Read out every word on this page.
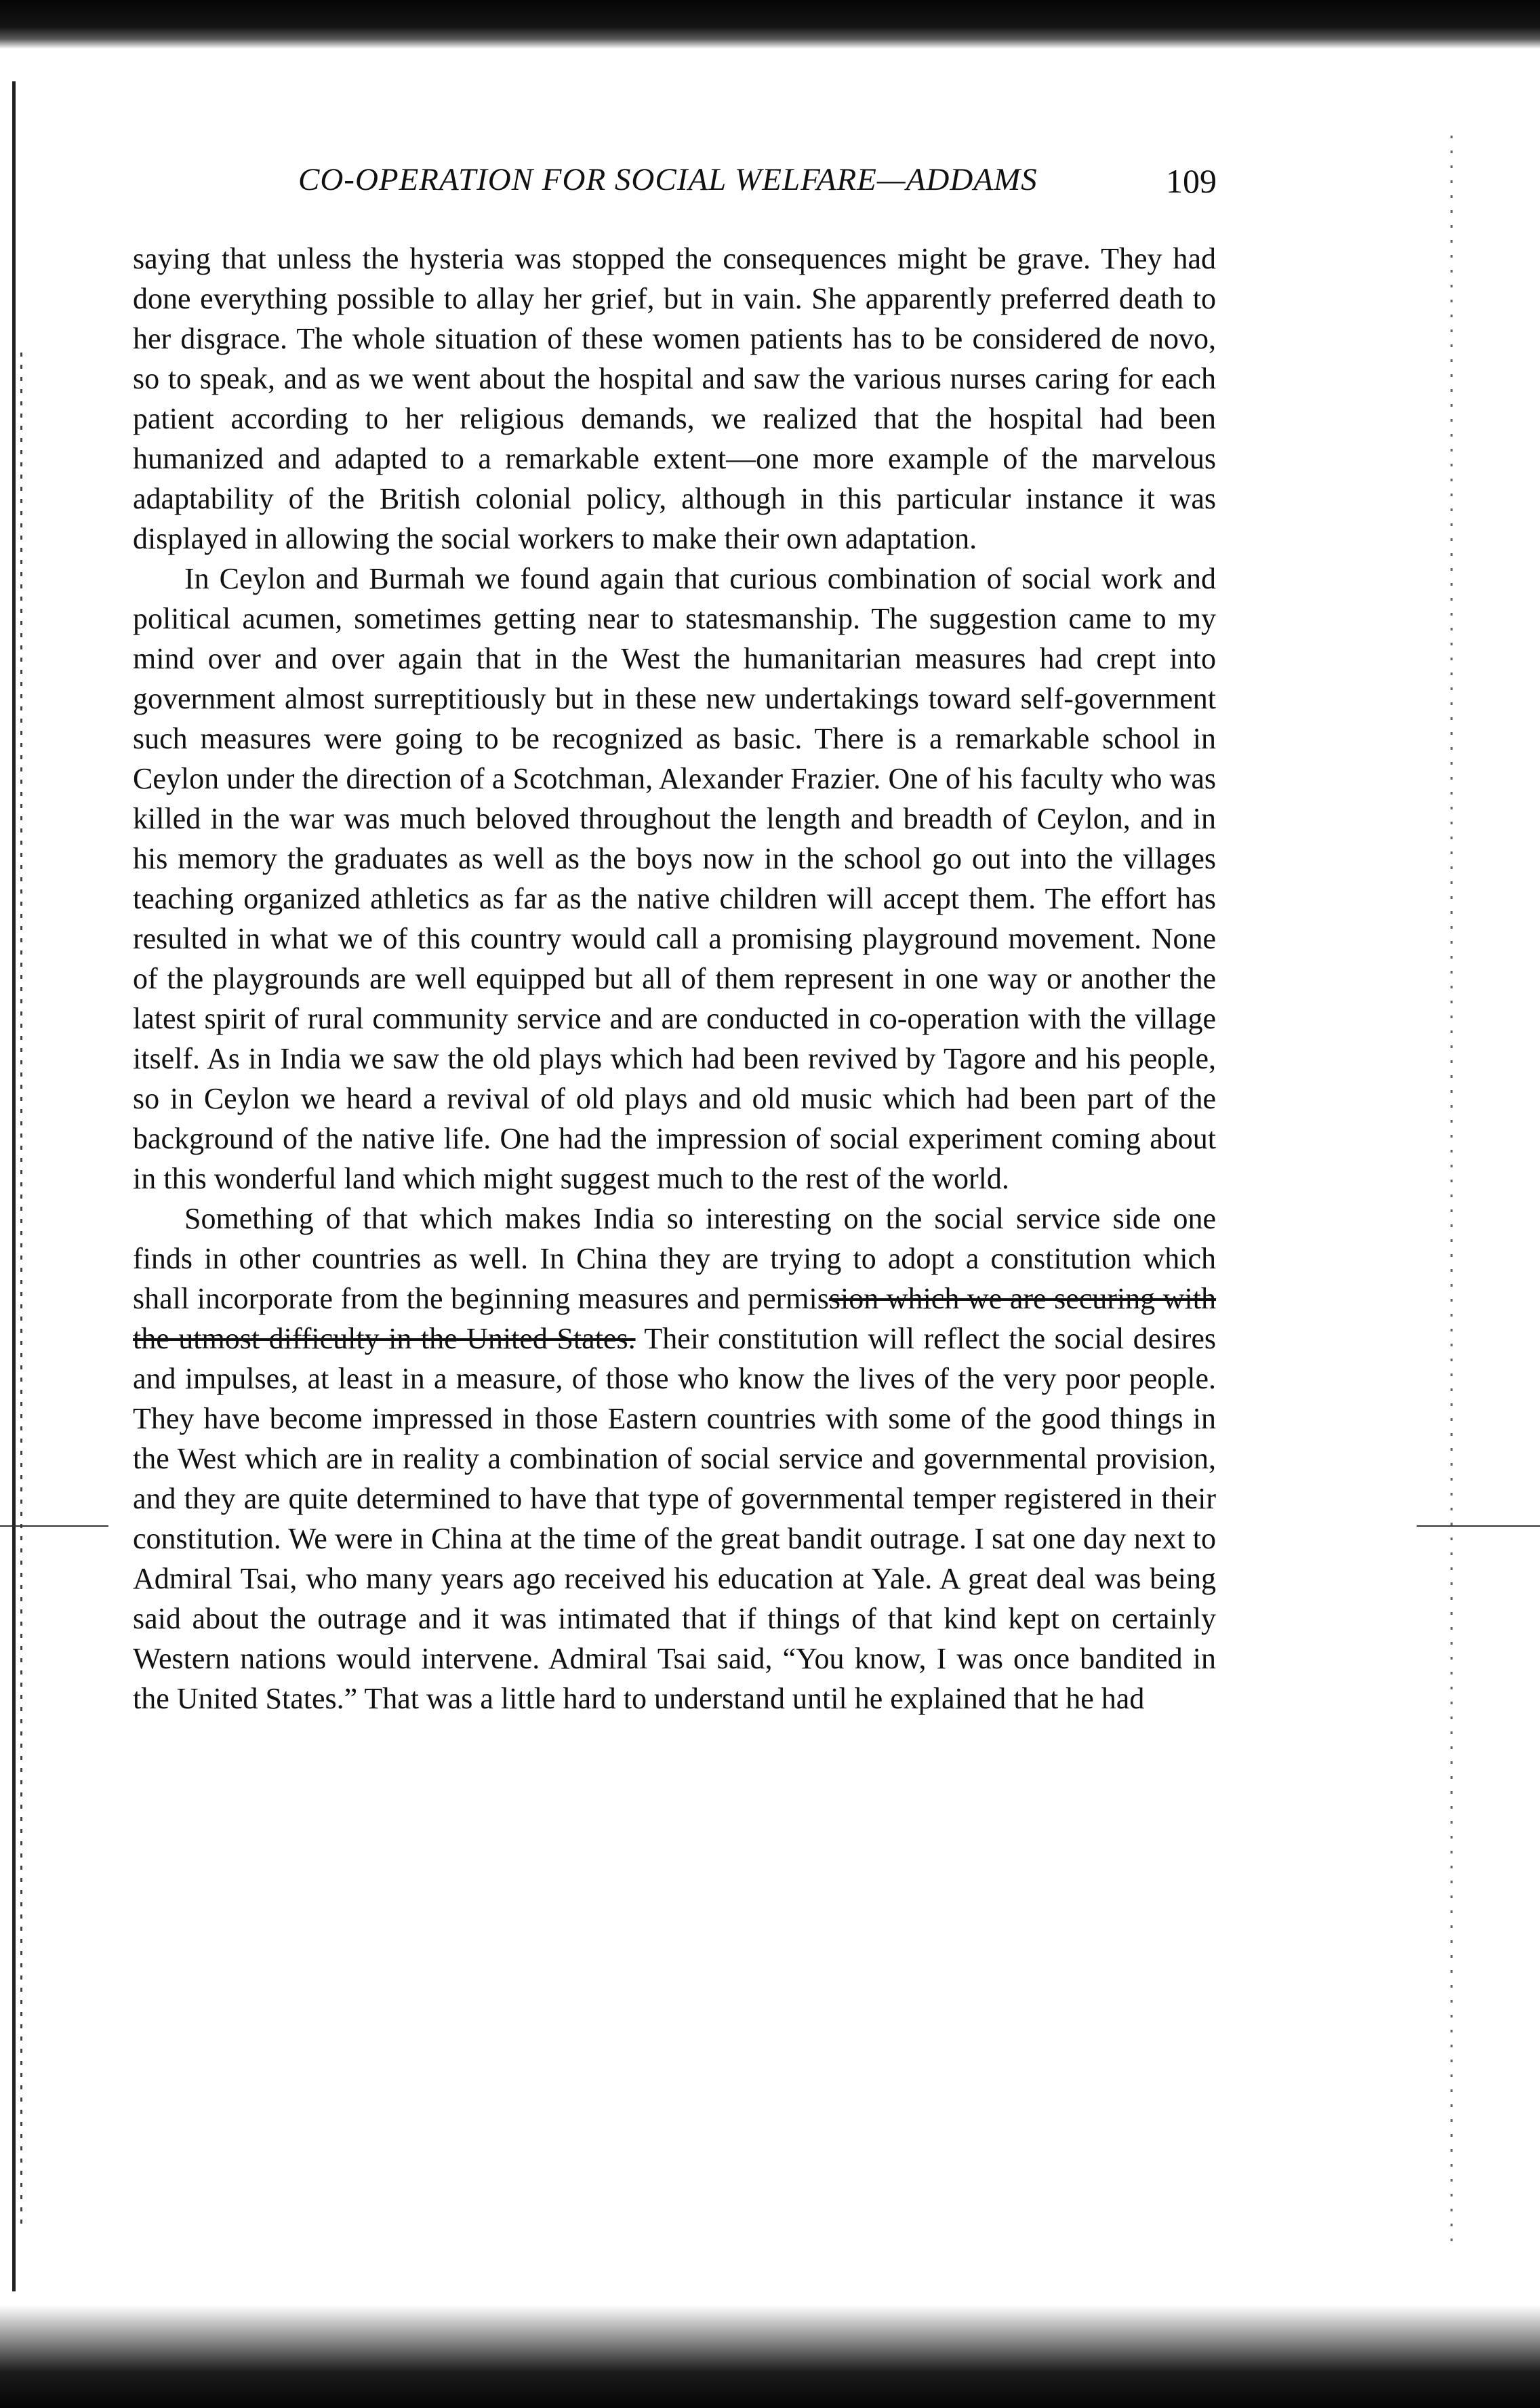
CO-OPERATION FOR SOCIAL WELFARE—ADDAMS	109

saying that unless the hysteria was stopped the consequences might be grave. They had done everything possible to allay her grief, but in vain. She apparently preferred death to her disgrace. The whole situation of these women patients has to be considered de novo, so to speak, and as we went about the hospital and saw the various nurses caring for each patient according to her religious demands, we realized that the hospital had been humanized and adapted to a remarkable extent—one more example of the marvelous adaptability of the British colonial policy, although in this particular instance it was displayed in allowing the social workers to make their own adaptation.

In Ceylon and Burmah we found again that curious combination of social work and political acumen, sometimes getting near to statesmanship. The suggestion came to my mind over and over again that in the West the humanitarian measures had crept into government almost surreptitiously but in these new undertakings toward self-government such measures were going to be recognized as basic. There is a remarkable school in Ceylon under the direction of a Scotchman, Alexander Frazier. One of his faculty who was killed in the war was much beloved throughout the length and breadth of Ceylon, and in his memory the graduates as well as the boys now in the school go out into the villages teaching organized athletics as far as the native children will accept them. The effort has resulted in what we of this country would call a promising playground movement. None of the playgrounds are well equipped but all of them represent in one way or another the latest spirit of rural community service and are conducted in co-operation with the village itself. As in India we saw the old plays which had been revived by Tagore and his people, so in Ceylon we heard a revival of old plays and old music which had been part of the background of the native life. One had the impression of social experiment coming about in this wonderful land which might suggest much to the rest of the world.

Something of that which makes India so interesting on the social service side one finds in other countries as well. In China they are trying to adopt a constitution which shall incorporate from the beginning measures and permission which we are securing with the utmost difficulty in the United States. Their constitution will reflect the social desires and impulses, at least in a measure, of those who know the lives of the very poor people. They have become impressed in those Eastern countries with some of the good things in the West which are in reality a combination of social service and governmental provision, and they are quite determined to have that type of governmental temper registered in their constitution. We were in China at the time of the great bandit outrage. I sat one day next to Admiral Tsai, who many years ago received his education at Yale. A great deal was being said about the outrage and it was intimated that if things of that kind kept on certainly Western nations would intervene. Admiral Tsai said, “You know, I was once bandited in the United States.” That was a little hard to understand until he explained that he had
